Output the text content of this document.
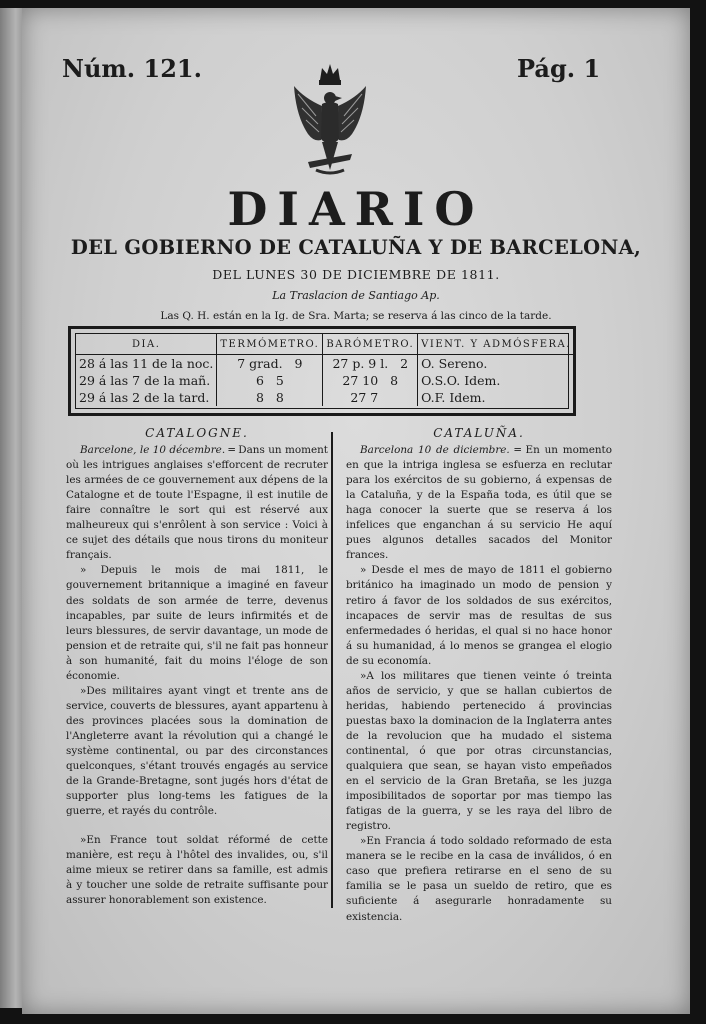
Núm. 121.	Pág. 1
DIARIO
DEL GOBIERNO DE CATALUÑA Y DE BARCELONA,
DEL LUNES 30 DE DICIEMBRE DE 1811.
La Traslacion de Santiago Ap.
Las Q. H. están en la Ig. de Sra. Marta; se reserva á las cinco de la tarde.
DIA.	TERMÓMETRO.	BARÓMETRO.	VIENT. Y ADMÓSFERA.
28 á las 11 de la noc.	7 grad. 9	27 p. 9 l. 2	O. Sereno.
29 á las 7 de la mañ.	6 5	27 10 8	O.S.O. Idem.
29 á las 2 de la tard.	8 8	27 7	O.F. Idem.
CATALOGNE.

Barcelone, le 10 décembre. ═ Dans un moment où les intrigues anglaises s'efforcent de recruter les armées de ce gouvernement aux dépens de la Catalogne et de toute l'Espagne, il est inutile de faire connaître le sort qui est réservé aux malheureux qui s'enrôlent à son service : Voici à ce sujet des détails que nous tirons du moniteur français.

» Depuis le mois de mai 1811, le gouvernement britannique a imaginé en faveur des soldats de son armée de terre, devenus incapables, par suite de leurs infirmités et de leurs blessures, de servir davantage, un mode de pension et de retraite qui, s'il ne fait pas honneur à son humanité, fait du moins l'éloge de son économie.

»Des militaires ayant vingt et trente ans de service, couverts de blessures, ayant appartenu à des provinces placées sous la domination de l'Angleterre avant la révolution qui a changé le système continental, ou par des circonstances quelconques, s'étant trouvés engagés au service de la Grande-Bretagne, sont jugés hors d'état de supporter plus long-tems les fatigues de la guerre, et rayés du contrôle.

»En France tout soldat réformé de cette manière, est reçu à l'hôtel des invalides, ou, s'il aime mieux se retirer dans sa famille, est admis à y toucher une solde de retraite suffisante pour assurer honorablement son existence.

CATALUÑA.

Barcelona 10 de diciembre. ═ En un momento en que la intriga inglesa se esfuerza en reclutar para los exércitos de su gobierno, á expensas de la Cataluña, y de la España toda, es útil que se haga conocer la suerte que se reserva á los infelices que enganchan á su servicio He aquí pues algunos detalles sacados del Monitor frances.

» Desde el mes de mayo de 1811 el gobierno británico ha imaginado un modo de pension y retiro á favor de los soldados de sus exércitos, incapaces de servir mas de resultas de sus enfermedades ó heridas, el qual si no hace honor á su humanidad, á lo menos se grangea el elogio de su economía.

»A los militares que tienen veinte ó treinta años de servicio, y que se hallan cubiertos de heridas, habiendo pertenecido á provincias puestas baxo la dominacion de la Inglaterra antes de la revolucion que ha mudado el sistema continental, ó que por otras circunstancias, qualquiera que sean, se hayan visto empeñados en el servicio de la Gran Bretaña, se les juzga imposibilitados de soportar por mas tiempo las fatigas de la guerra, y se les raya del libro de registro.

»En Francia á todo soldado reformado de esta manera se le recibe en la casa de inválidos, ó en caso que prefiera retirarse en el seno de su familia se le pasa un sueldo de retiro, que es suficiente á asegurarle honradamente su existencia.
